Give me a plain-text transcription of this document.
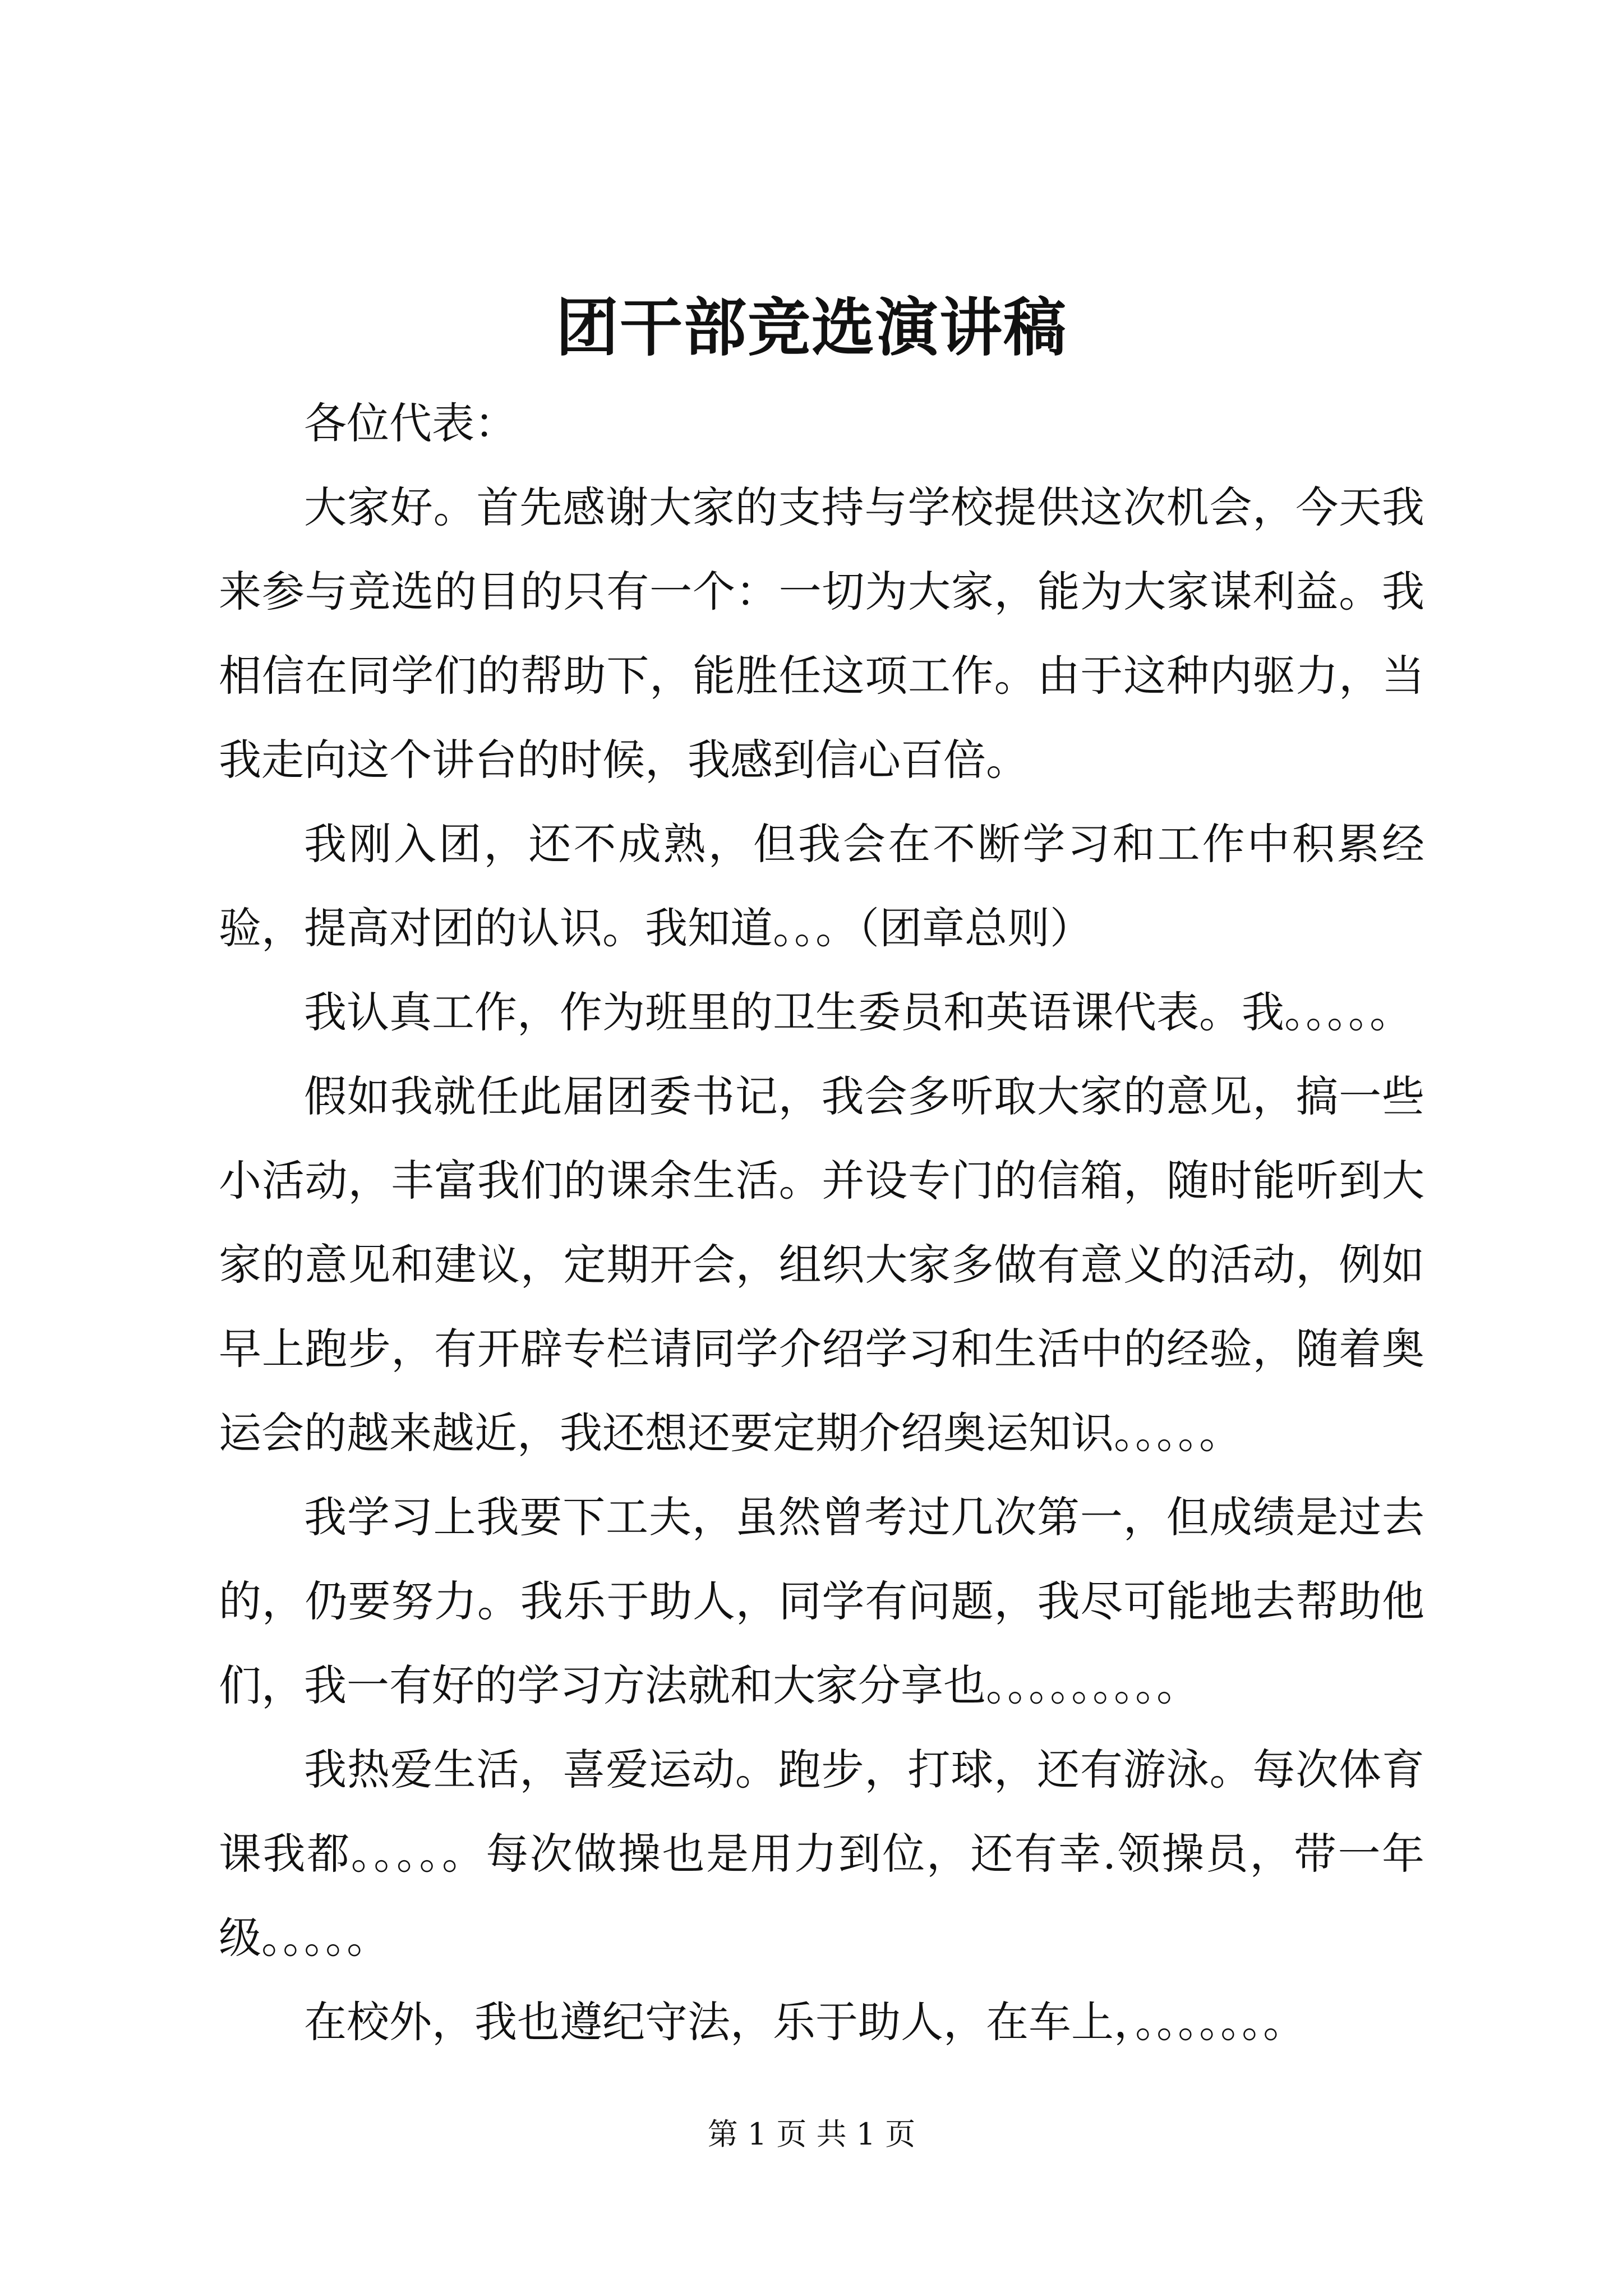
团干部竞选演讲稿

各位代表：

大家好。首先感谢大家的支持与学校提供这次机会，今天我来参与竞选的目的只有一个：一切为大家，能为大家谋利益。我相信在同学们的帮助下，能胜任这项工作。由于这种内驱力，当我走向这个讲台的时候，我感到信心百倍。

我刚入团，还不成熟，但我会在不断学习和工作中积累经验，提高对团的认识。我知道。。。（团章总则）

我认真工作，作为班里的卫生委员和英语课代表。我。。。。。

假如我就任此届团委书记，我会多听取大家的意见，搞一些小活动，丰富我们的课余生活。并设专门的信箱，随时能听到大家的意见和建议，定期开会，组织大家多做有意义的活动，例如早上跑步，有开辟专栏请同学介绍学习和生活中的经验，随着奥运会的越来越近，我还想还要定期介绍奥运知识。。。。。

我学习上我要下工夫，虽然曾考过几次第一，但成绩是过去的，仍要努力。我乐于助人，同学有问题，我尽可能地去帮助他们，我一有好的学习方法就和大家分享也。。。。。。。。。

我热爱生活，喜爱运动。跑步，打球，还有游泳。每次体育课我都。。。。。每次做操也是用力到位，还有幸.领操员，带一年级。。。。。

在校外，我也遵纪守法，乐于助人，在车上，。。。。。。。

第 1 页 共 1 页
